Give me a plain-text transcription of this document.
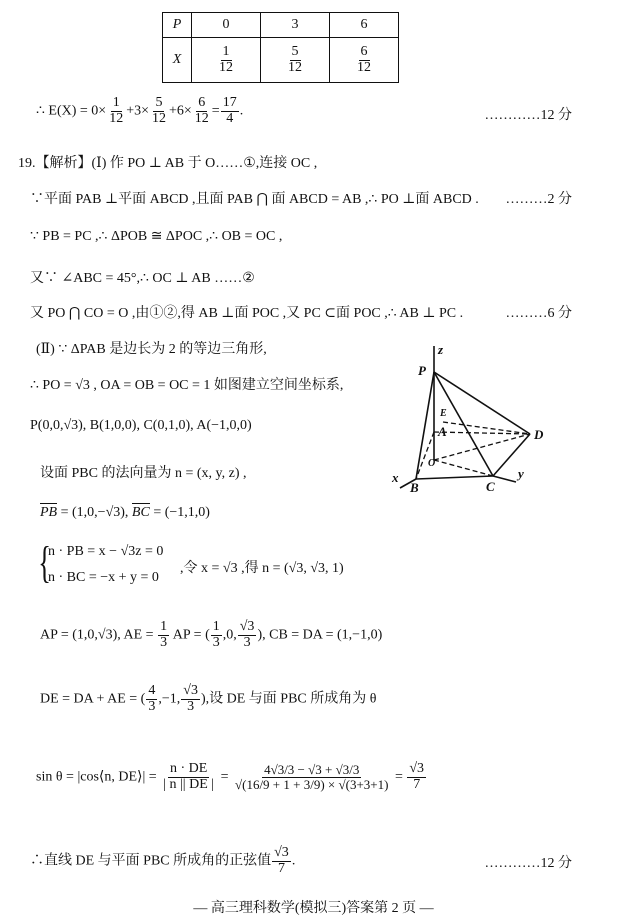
P	0	3	6
X	$\frac{1}{12}$	$\frac{5}{12}$	$\frac{6}{12}$
∴ $E(X) = 0\times \frac{1}{12} +3\times \frac{5}{12} +6\times \frac{6}{12} = \frac{17}{4}$ .	…………12 分
19.【解析】(Ⅰ) 作 PO ⊥ AB 于 O……①,连接 OC ,
∵平面 PAB ⊥平面 ABCD ,且面 PAB ⋂ 面 ABCD = AB ,∴ PO ⊥面 ABCD . ………2 分
∵ PB = PC ,∴ ΔPOB ≅ ΔPOC ,∴ OB = OC ,
又∵ ∠ABC = 45°,∴ OC ⊥ AB ……②
又 PO ⋂ CO = O ,由①②,得 AB ⊥面 POC ,又 PC ⊂面 POC ,∴ AB ⊥ PC .	………6 分
(Ⅱ) ∵ ΔPAB 是边长为 2 的等边三角形,
∴ PO = √3 , OA = OB = OC = 1 如图建立空间坐标系,
P(0,0,√3), B(1,0,0), C(0,1,0), A(−1,0,0)
设面 PBC 的法向量为 n = (x, y, z) ,
PB = (1,0,−√3), BC = (−1,1,0)
{
n · PB = x − √3z = 0
n · BC = −x + y = 0
,令 x = √3 ,得 n = (√3, √3, 1)
AP = (1,0,√3), AE = $\frac{1}{3}$ AP = ( $\frac{1}{3} ,0$, $\frac{√3}{3}$ ), CB = DA = (1,−1,0)
DE = DA + AE = ( $\frac{4}{3} ,-1$, $\frac{√3}{3}$ ),设 DE 与面 PBC 所成角为 θ
sin θ = |cos⟨n, DE⟩| = $\frac{n \cdot DE}{| n || DE |} = \frac{4√3/3 - √3 + √3/3}{√(16/9 + 1 + 3/9) \times √(3+3+1)} = \frac{√3}{7}$
∴直线 DE 与平面 PBC 所成角的正弦值 $\frac{√3}{7}$ .	…………12 分
P
z
E
A	D
O
x
B	C
y
— 高三理科数学(模拟三)答案第 2 页 —
